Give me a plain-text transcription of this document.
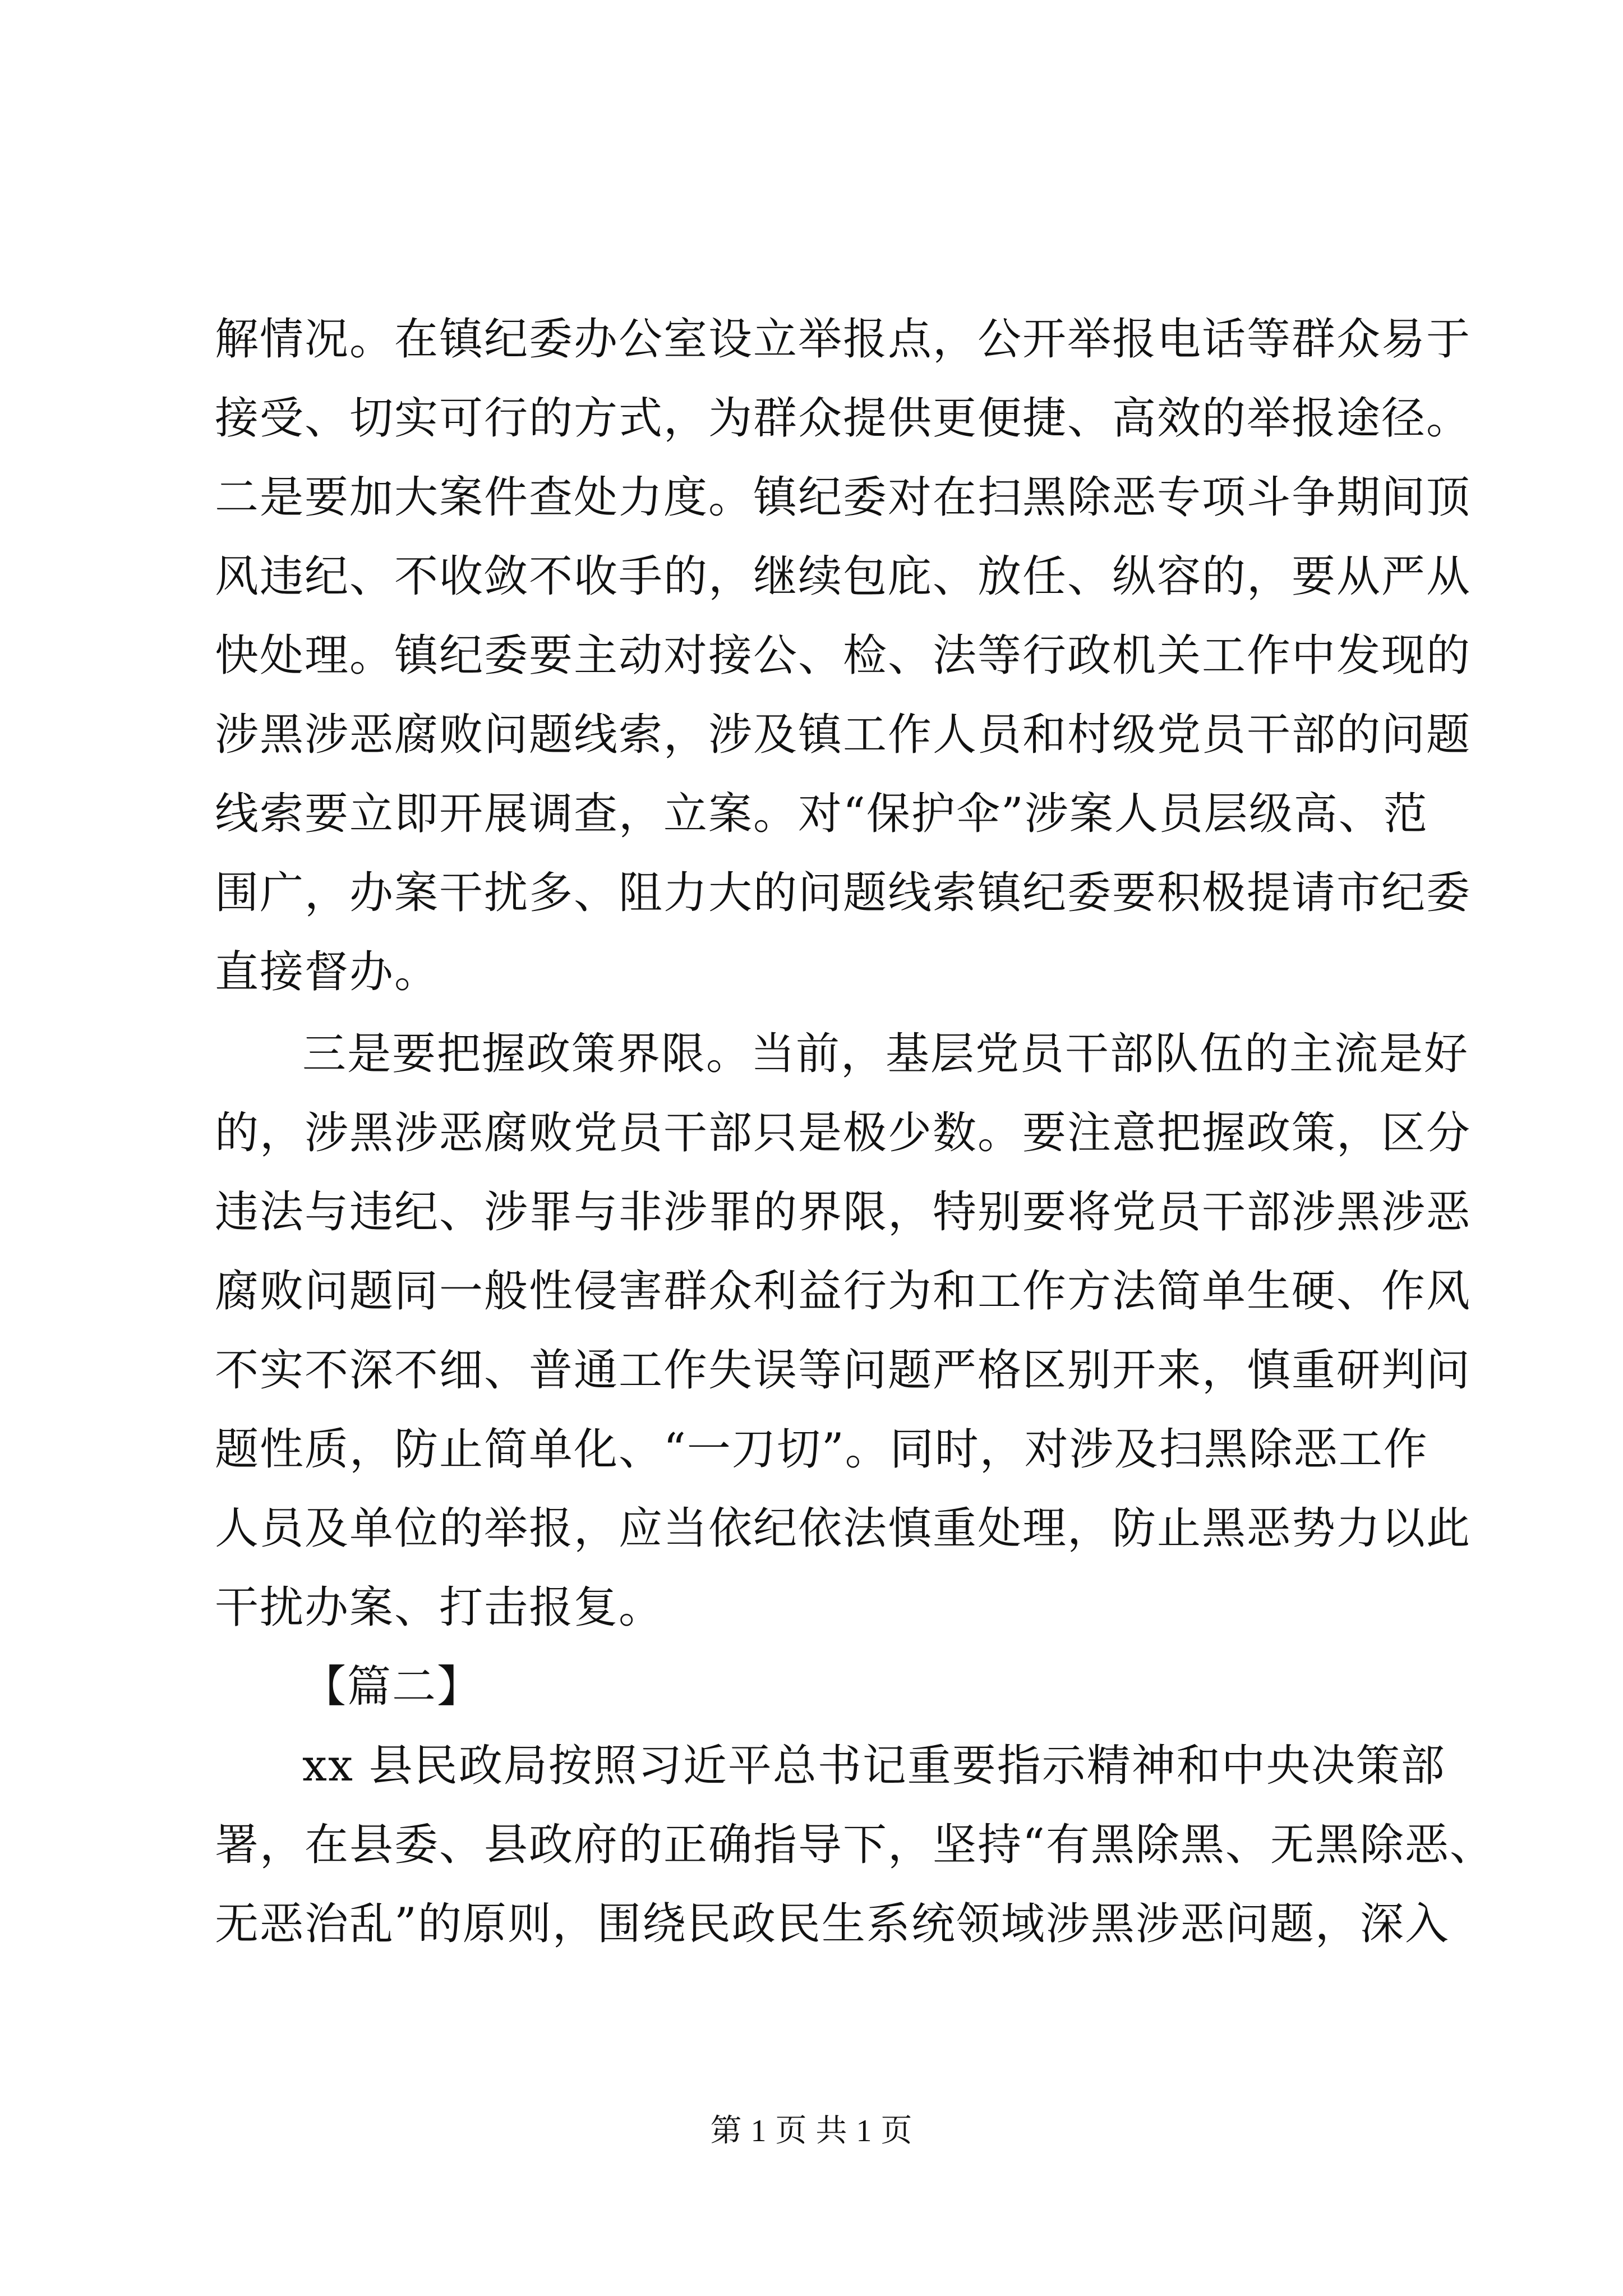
解情况。在镇纪委办公室设立举报点，公开举报电话等群众易于
接受、切实可行的方式，为群众提供更便捷、高效的举报途径。
二是要加大案件查处力度。镇纪委对在扫黑除恶专项斗争期间顶
风违纪、不收敛不收手的，继续包庇、放任、纵容的，要从严从
快处理。镇纪委要主动对接公、检、法等行政机关工作中发现的
涉黑涉恶腐败问题线索，涉及镇工作人员和村级党员干部的问题
线索要立即开展调查，立案。对“保护伞”涉案人员层级高、范
围广，办案干扰多、阻力大的问题线索镇纪委要积极提请市纪委
直接督办。
三是要把握政策界限。当前，基层党员干部队伍的主流是好
的，涉黑涉恶腐败党员干部只是极少数。要注意把握政策，区分
违法与违纪、涉罪与非涉罪的界限，特别要将党员干部涉黑涉恶
腐败问题同一般性侵害群众利益行为和工作方法简单生硬、作风
不实不深不细、普通工作失误等问题严格区别开来，慎重研判问
题性质，防止简单化、“一刀切”。同时，对涉及扫黑除恶工作
人员及单位的举报，应当依纪依法慎重处理，防止黑恶势力以此
干扰办案、打击报复。
【篇二】
xx 县民政局按照习近平总书记重要指示精神和中央决策部
署，在县委、县政府的正确指导下，坚持“有黑除黑、无黑除恶、
无恶治乱”的原则，围绕民政民生系统领域涉黑涉恶问题，深入
第 1 页 共 1 页
